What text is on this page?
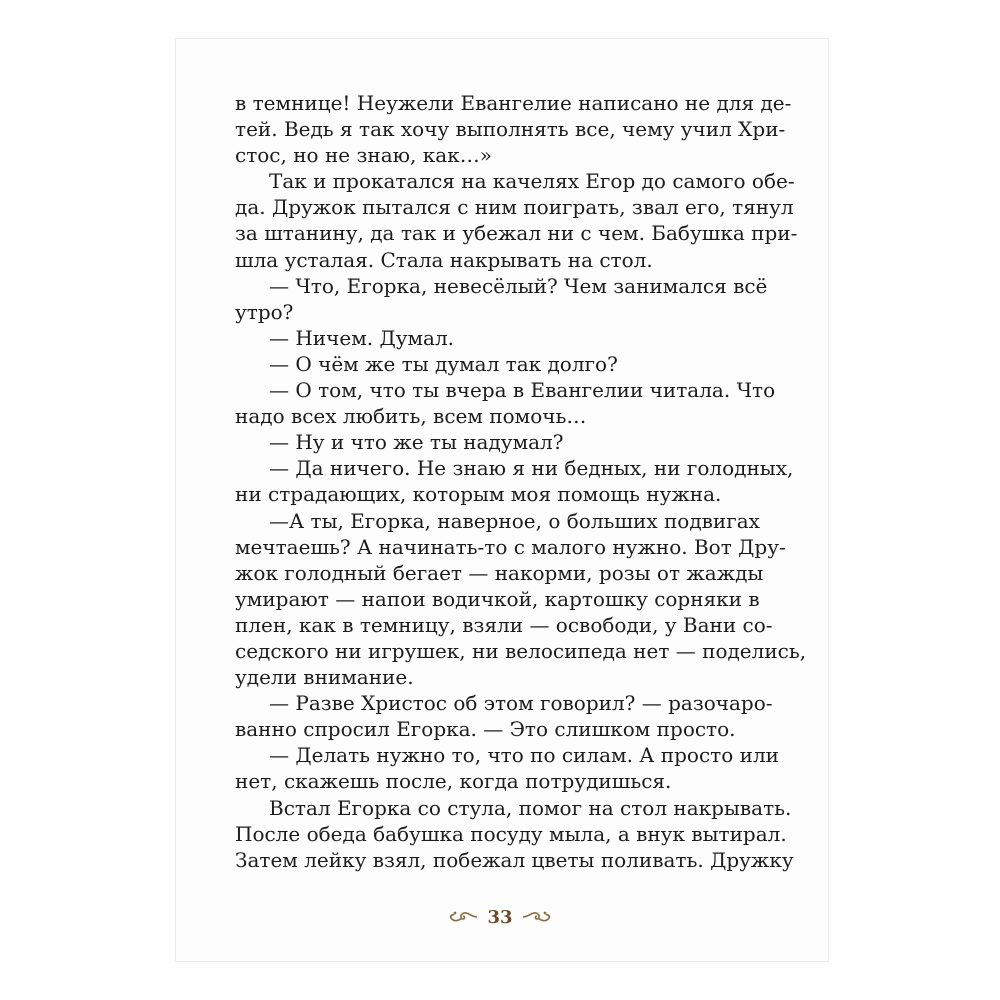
в темнице! Неужели Евангелие написано не для де-
тей. Ведь я так хочу выполнять все, чему учил Хри-
стос, но не знаю, как…»
Так и прокатался на качелях Егор до самого обе-
да. Дружок пытался с ним поиграть, звал его, тянул
за штанину, да так и убежал ни с чем. Бабушка при-
шла усталая. Стала накрывать на стол.
— Что, Егорка, невесёлый? Чем занимался всё
утро?
— Ничем. Думал.
— О чём же ты думал так долго?
— О том, что ты вчера в Евангелии читала. Что
надо всех любить, всем помочь…
— Ну и что же ты надумал?
— Да ничего. Не знаю я ни бедных, ни голодных,
ни страдающих, которым моя помощь нужна.
—А ты, Егорка, наверное, о больших подвигах
мечтаешь? А начинать-то с малого нужно. Вот Дру-
жок голодный бегает — накорми, розы от жажды
умирают — напои водичкой, картошку сорняки в
плен, как в темницу, взяли — освободи, у Вани со-
седского ни игрушек, ни велосипеда нет — поделись,
удели внимание.
— Разве Христос об этом говорил? — разочаро-
ванно спросил Егорка. — Это слишком просто.
— Делать нужно то, что по силам. А просто или
нет, скажешь после, когда потрудишься.
Встал Егорка со стула, помог на стол накрывать.
После обеда бабушка посуду мыла, а внук вытирал.
Затем лейку взял, побежал цветы поливать. Дружку
33
